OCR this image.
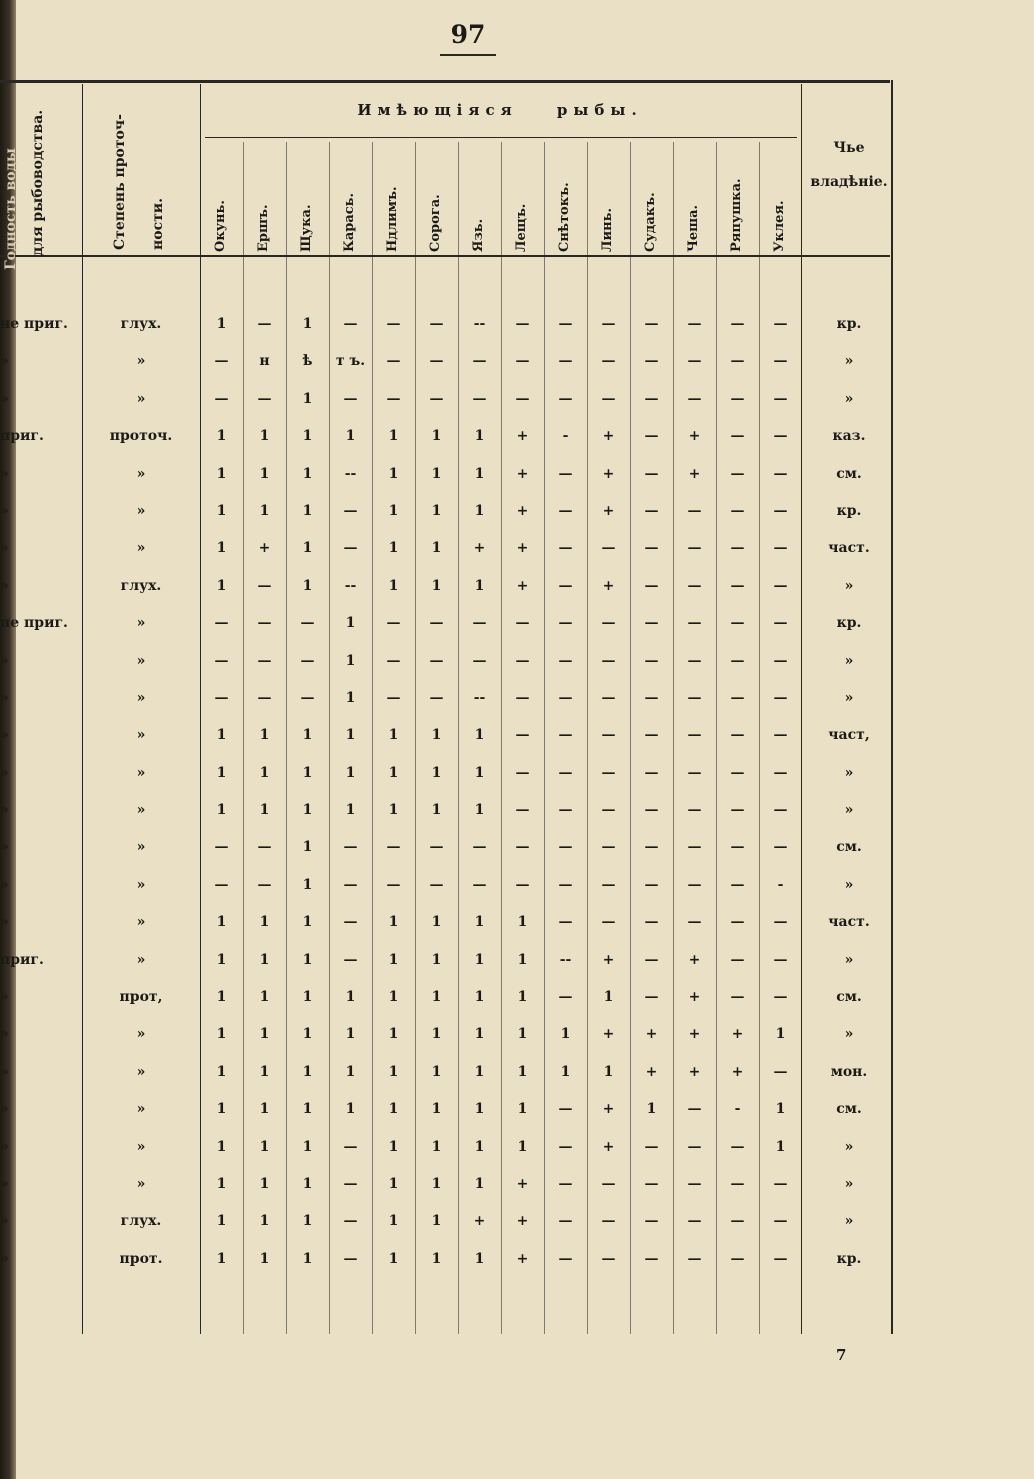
97
Годность воды для рыбоводства.	Степень проточ- ности.
Имѣющіяся рыбы.
Чье
владѣніе.
Окунь. Ершъ. Щука. Карась. Ндлимъ. Сорога. Язь. Лещъ. Снѣтокъ. Линь. Судакъ. Чеша. Ряпушка. Уклея.
не приг.	глух.	1	—	1	—	—	—	--	—	—	—	—	—	—	—	кр.
»	»	—	н	ѣ	т ъ.	—	—	—	—	—	—	—	—	—	—	»
»	»	—	—	1	—	—	—	—	—	—	—	—	—	—	—	»
приг.	проточ.	1	1	1	1	1	1	1	+	-	+	—	+	—	—	каз.
»	»	1	1	1	--	1	1	1	+	—	+	—	+	—	—	см.
»	»	1	1	1	—	1	1	1	+	—	+	—	—	—	—	кр.
»	»	1	+	1	—	1	1	+	+	—	—	—	—	—	—	част.
»	глух.	1	—	1	--	1	1	1	+	—	+	—	—	—	—	»
не приг.	»	—	—	—	1	—	—	—	—	—	—	—	—	—	—	кр.
»	»	—	—	—	1	—	—	—	—	—	—	—	—	—	—	»
»	»	—	—	—	1	—	—	--	—	—	—	—	—	—	—	»
»	»	1	1	1	1	1	1	1	—	—	—	—	—	—	—	част,
»	»	1	1	1	1	1	1	1	—	—	—	—	—	—	—	»
»	»	1	1	1	1	1	1	1	—	—	—	—	—	—	—	»
»	»	—	—	1	—	—	—	—	—	—	—	—	—	—	—	см.
»	»	—	—	1	—	—	—	—	—	—	—	—	—	—	-	»
»	»	1	1	1	—	1	1	1	1	—	—	—	—	—	—	част.
приг.	»	1	1	1	—	1	1	1	1	--	+	—	+	—	—	»
»	прот,	1	1	1	1	1	1	1	1	—	1	—	+	—	—	см.
»	»	1	1	1	1	1	1	1	1	1	+	+	+	+	1	»
»	»	1	1	1	1	1	1	1	1	1	1	+	+	+	—	мон.
»	»	1	1	1	1	1	1	1	1	—	+	1	—	-	1	см.
»	»	1	1	1	—	1	1	1	1	—	+	—	—	—	1	»
»	»	1	1	1	—	1	1	1	+	—	—	—	—	—	—	»
»	глух.	1	1	1	—	1	1	+	+	—	—	—	—	—	—	»
»	прот.	1	1	1	—	1	1	1	+	—	—	—	—	—	—	кр.
7
